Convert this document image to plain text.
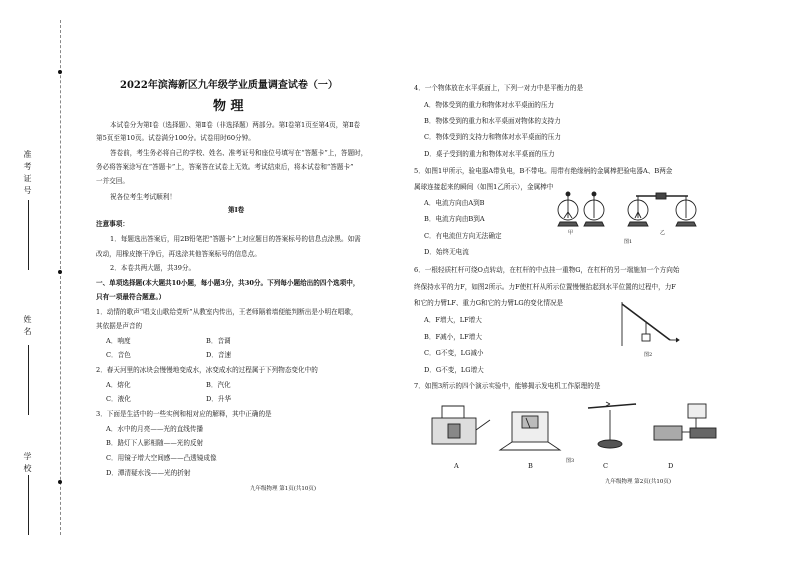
准考证号
姓名
学校
2022年滨海新区九年级学业质量调查试卷（一）
物 理
本试卷分为第Ⅰ卷（选择题）、第Ⅱ卷（非选择题）两部分。第Ⅰ卷第1页至第4页，第Ⅱ卷
第5页至第10页。试卷满分100分。试卷用时60分钟。
答卷前，考生务必将自己的学校、姓名、准考证号和座位号填写在“答题卡”上，答题时，
务必将答案涂写在“答题卡”上，答案答在试卷上无效。考试结束后，将本试卷和“答题卡”
一并交回。
祝各位考生考试顺利！
第Ⅰ卷
注意事项：
1．每题选出答案后，用2B铅笔把“答题卡”上对应题目的答案标号的信息点涂黑。如需
改动，用橡皮擦干净后，再选涂其他答案标号的信息点。
2．本卷共两大题，共39分。
一、单项选择题(本大题共10小题，每小题3分，共30分。下列每小题给出的四个选项中，
只有一项最符合题意。）
1．动情的歌声“唱支山歌给党听”从教室内传出，王老师隔着墙便能判断出是小明在唱歌，
其依据是声音的
A．响度	B．音调
C．音色	D．音速
2．春天河里的冰块会慢慢地变成水，冰变成水的过程属于下列物态变化中的
A．熔化	B．汽化
C．液化	D．升华
3．下面是生活中的一些实例和相对应的解释，其中正确的是
A．水中的月亮——光的直线传播
B．路灯下人影相随——光的反射
C．用镜子增大空间感——凸透镜成像
D．潭清疑水浅——光的折射
九年级物理 第1页(共10页)
4．一个物体放在水平桌面上，下列一对力中是平衡力的是
A．物体受到的重力和物体对水平桌面的压力
B．物体受到的重力和水平桌面对物体的支持力
C．物体受到的支持力和物体对水平桌面的压力
D．桌子受到的重力和物体对水平桌面的压力
5．如图1甲所示，验电器A带负电，B不带电。用带有绝缘柄的金属棒把验电器A、B两金
属球连接起来的瞬间（如图1乙所示），金属棒中
A．电流方向由A到B
B．电流方向由B到A
C．有电流但方向无法确定
D．始终无电流
甲	乙
图1
6．一根轻质杠杆可绕O点转动，在杠杆的中点挂一重物G，在杠杆的另一端施加一个方向始
终保持水平的力F，如图2所示。力F使杠杆从所示位置慢慢抬起到水平位置的过程中，力F
和它的力臂LF、重力G和它的力臂LG的变化情况是
A．F增大，LF增大
B．F减小，LF增大
C．G不变，LG减小
D．G不变，LG增大
图2
7．如图3所示的四个演示实验中，能够揭示发电机工作原理的是
A	B	C	D
图3
九年级物理 第2页(共10页)
